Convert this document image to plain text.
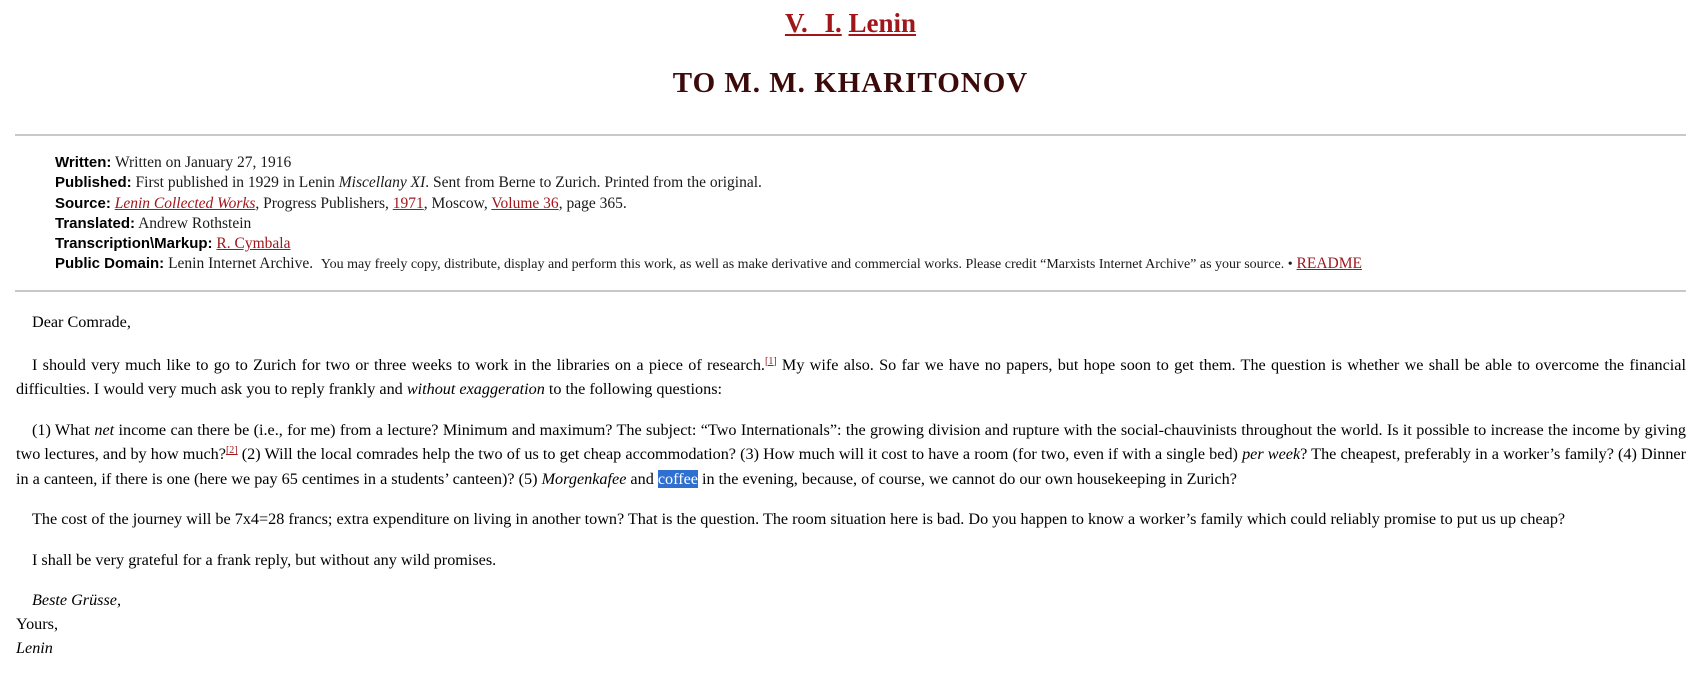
V. I. Lenin
TO M. M. KHARITONOV
Written: Written on January 27, 1916
Published: First published in 1929 in Lenin Miscellany XI. Sent from Berne to Zurich. Printed from the original.
Source: Lenin Collected Works, Progress Publishers, 1971, Moscow, Volume 36, page 365.
Translated: Andrew Rothstein
Transcription\Markup: R. Cymbala
Public Domain: Lenin Internet Archive. You may freely copy, distribute, display and perform this work, as well as make derivative and commercial works. Please credit “Marxists Internet Archive” as your source. • README

Dear Comrade,

I should very much like to go to Zurich for two or three weeks to work in the libraries on a piece of research.[1] My wife also. So far we have no papers, but hope soon to get them. The question is whether we shall be able to overcome the financial difficulties. I would very much ask you to reply frankly and without exaggeration to the following questions:

(1) What net income can there be (i.e., for me) from a lecture? Minimum and maximum? The subject: “Two Internationals”: the growing division and rupture with the social-chauvinists throughout the world. Is it possible to increase the income by giving two lectures, and by how much?[2] (2) Will the local comrades help the two of us to get cheap accommodation? (3) How much will it cost to have a room (for two, even if with a single bed) per week? The cheapest, preferably in a worker’s family? (4) Dinner in a canteen, if there is one (here we pay 65 centimes in a students’ canteen)? (5) Morgenkafee and coffee in the evening, because, of course, we cannot do our own housekeeping in Zurich?

The cost of the journey will be 7x4=28 francs; extra expenditure on living in another town? That is the question. The room situation here is bad. Do you happen to know a worker’s family which could reliably promise to put us up cheap?

I shall be very grateful for a frank reply, but without any wild promises.

Beste Grüsse,
Yours,
Lenin
